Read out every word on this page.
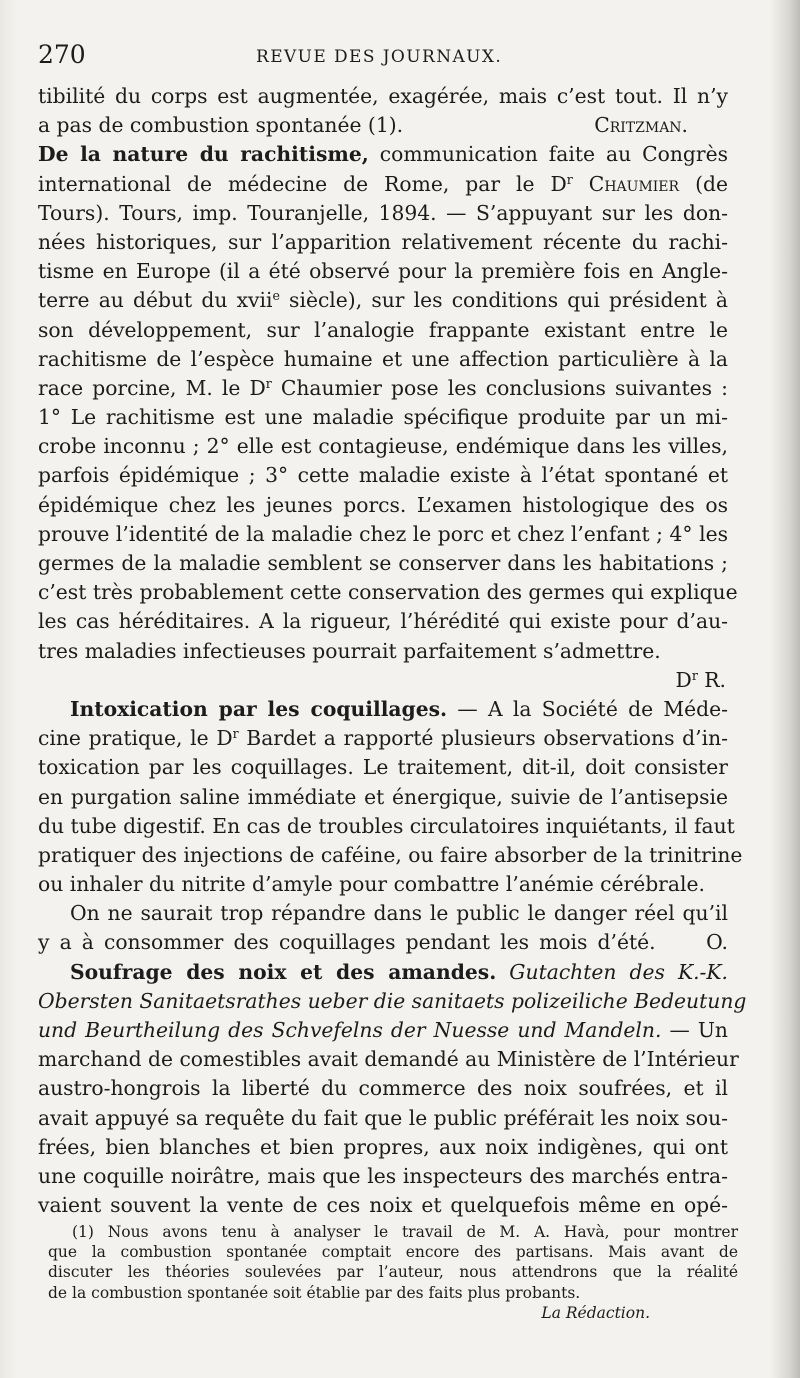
270	REVUE DES JOURNAUX.
tibilité du corps est augmentée, exagérée, mais c’est tout. Il n’y
a pas de combustion spontanée (1).	Critzman.
De la nature du rachitisme, communication faite au Congrès
international de médecine de Rome, par le $D^r$ Chaumier (de
Tours). Tours, imp. Touranjelle, 1894. — S’appuyant sur les don-
nées historiques, sur l’apparition relativement récente du rachi-
tisme en Europe (il a été observé pour la première fois en Angle-
terre au début du xvii$^e$ siècle), sur les conditions qui président à
son développement, sur l’analogie frappante existant entre le
rachitisme de l’espèce humaine et une affection particulière à la
race porcine, M. le $D^r$ Chaumier pose les conclusions suivantes :
1° Le rachitisme est une maladie spécifique produite par un mi-
crobe inconnu ; 2° elle est contagieuse, endémique dans les villes,
parfois épidémique ; 3° cette maladie existe à l’état spontané et
épidémique chez les jeunes porcs. L’examen histologique des os
prouve l’identité de la maladie chez le porc et chez l’enfant ; 4° les
germes de la maladie semblent se conserver dans les habitations ;
c’est très probablement cette conservation des germes qui explique
les cas héréditaires. A la rigueur, l’hérédité qui existe pour d’au-
tres maladies infectieuses pourrait parfaitement s’admettre.
$D^r$ R.
Intoxication par les coquillages. — A la Société de Méde-
cine pratique, le $D^r$ Bardet a rapporté plusieurs observations d’in-
toxication par les coquillages. Le traitement, dit-il, doit consister
en purgation saline immédiate et énergique, suivie de l’antisepsie
du tube digestif. En cas de troubles circulatoires inquiétants, il faut
pratiquer des injections de caféine, ou faire absorber de la trinitrine
ou inhaler du nitrite d’amyle pour combattre l’anémie cérébrale.
On ne saurait trop répandre dans le public le danger réel qu’il
y a à consommer des coquillages pendant les mois d’été.     O.
Soufrage des noix et des amandes. Gutachten des K.-K.
Obersten Sanitaetsrathes ueber die sanitaets polizeiliche Bedeutung
und Beurtheilung des Schvefelns der Nuesse und Mandeln. — Un
marchand de comestibles avait demandé au Ministère de l’Intérieur
austro-hongrois la liberté du commerce des noix soufrées, et il
avait appuyé sa requête du fait que le public préférait les noix sou-
frées, bien blanches et bien propres, aux noix indigènes, qui ont
une coquille noirâtre, mais que les inspecteurs des marchés entra-
vaient souvent la vente de ces noix et quelquefois même en opé-
(1) Nous avons tenu à analyser le travail de M. A. Havà, pour montrer
que la combustion spontanée comptait encore des partisans. Mais avant de
discuter les théories soulevées par l’auteur, nous attendrons que la réalité
de la combustion spontanée soit établie par des faits plus probants.
La Rédaction.
